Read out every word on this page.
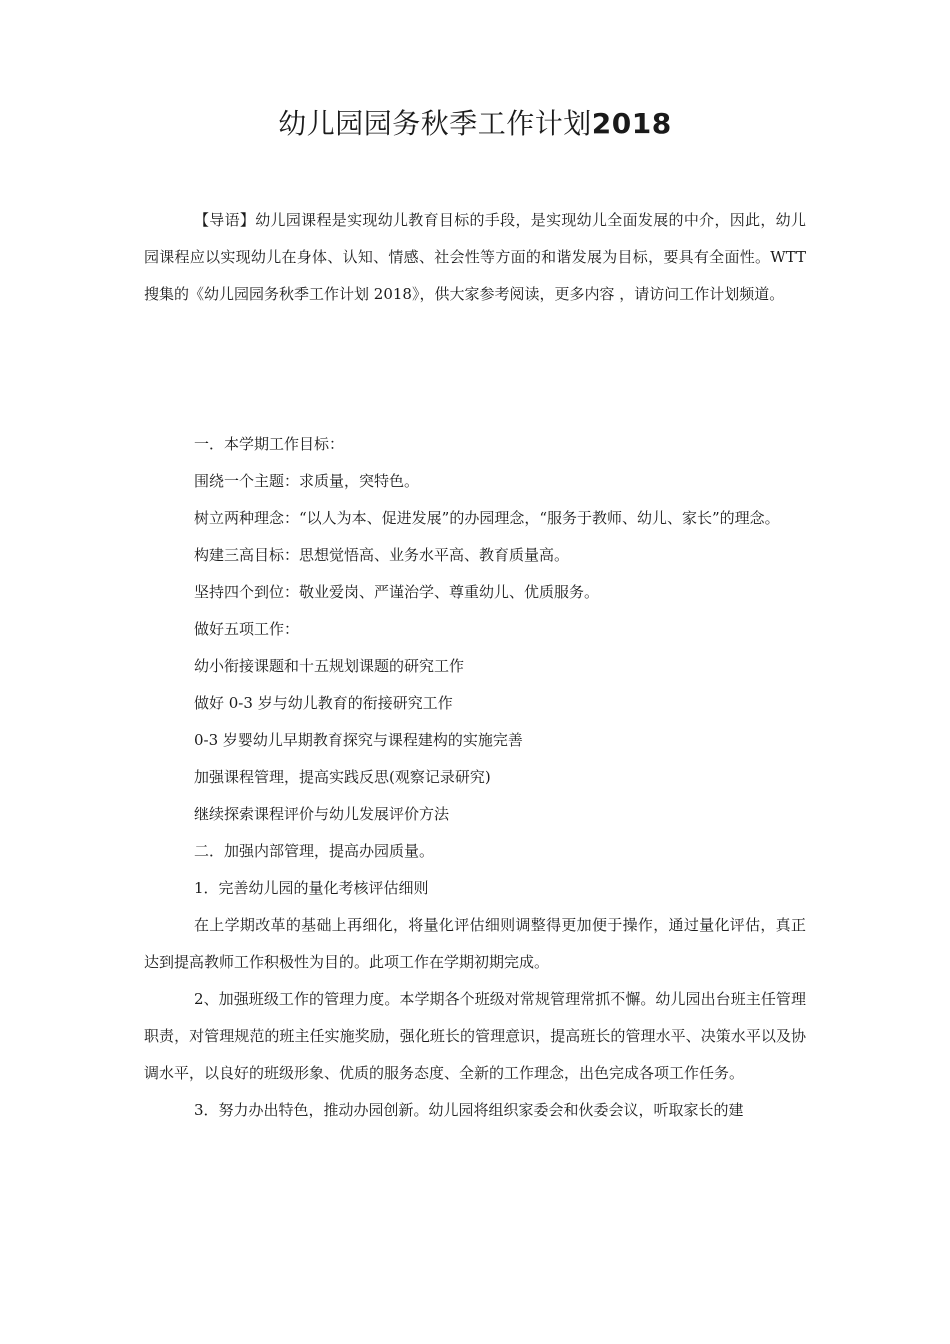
幼儿园园务秋季工作计划2018

【导语】幼儿园课程是实现幼儿教育目标的手段，是实现幼儿全面发展的中介，因此，幼儿园课程应以实现幼儿在身体、认知、情感、社会性等方面的和谐发展为目标，要具有全面性。WTT 搜集的《幼儿园园务秋季工作计划 2018》，供大家参考阅读，更多内容 ，请访问工作计划频道。

一．本学期工作目标：

围绕一个主题：求质量，突特色。

树立两种理念：“以人为本、促进发展”的办园理念，“服务于教师、幼儿、家长”的理念。

构建三高目标：思想觉悟高、业务水平高、教育质量高。

坚持四个到位：敬业爱岗、严谨治学、尊重幼儿、优质服务。

做好五项工作：

幼小衔接课题和十五规划课题的研究工作

做好 0-3 岁与幼儿教育的衔接研究工作

0-3 岁婴幼儿早期教育探究与课程建构的实施完善

加强课程管理，提高实践反思(观察记录研究)

继续探索课程评价与幼儿发展评价方法

二．加强内部管理，提高办园质量。

1．完善幼儿园的量化考核评估细则

在上学期改革的基础上再细化，将量化评估细则调整得更加便于操作，通过量化评估，真正达到提高教师工作积极性为目的。此项工作在学期初期完成。

2、加强班级工作的管理力度。本学期各个班级对常规管理常抓不懈。幼儿园出台班主任管理职责，对管理规范的班主任实施奖励，强化班长的管理意识，提高班长的管理水平、决策水平以及协调水平，以良好的班级形象、优质的服务态度、全新的工作理念，出色完成各项工作任务。

3．努力办出特色，推动办园创新。幼儿园将组织家委会和伙委会议，听取家长的建
